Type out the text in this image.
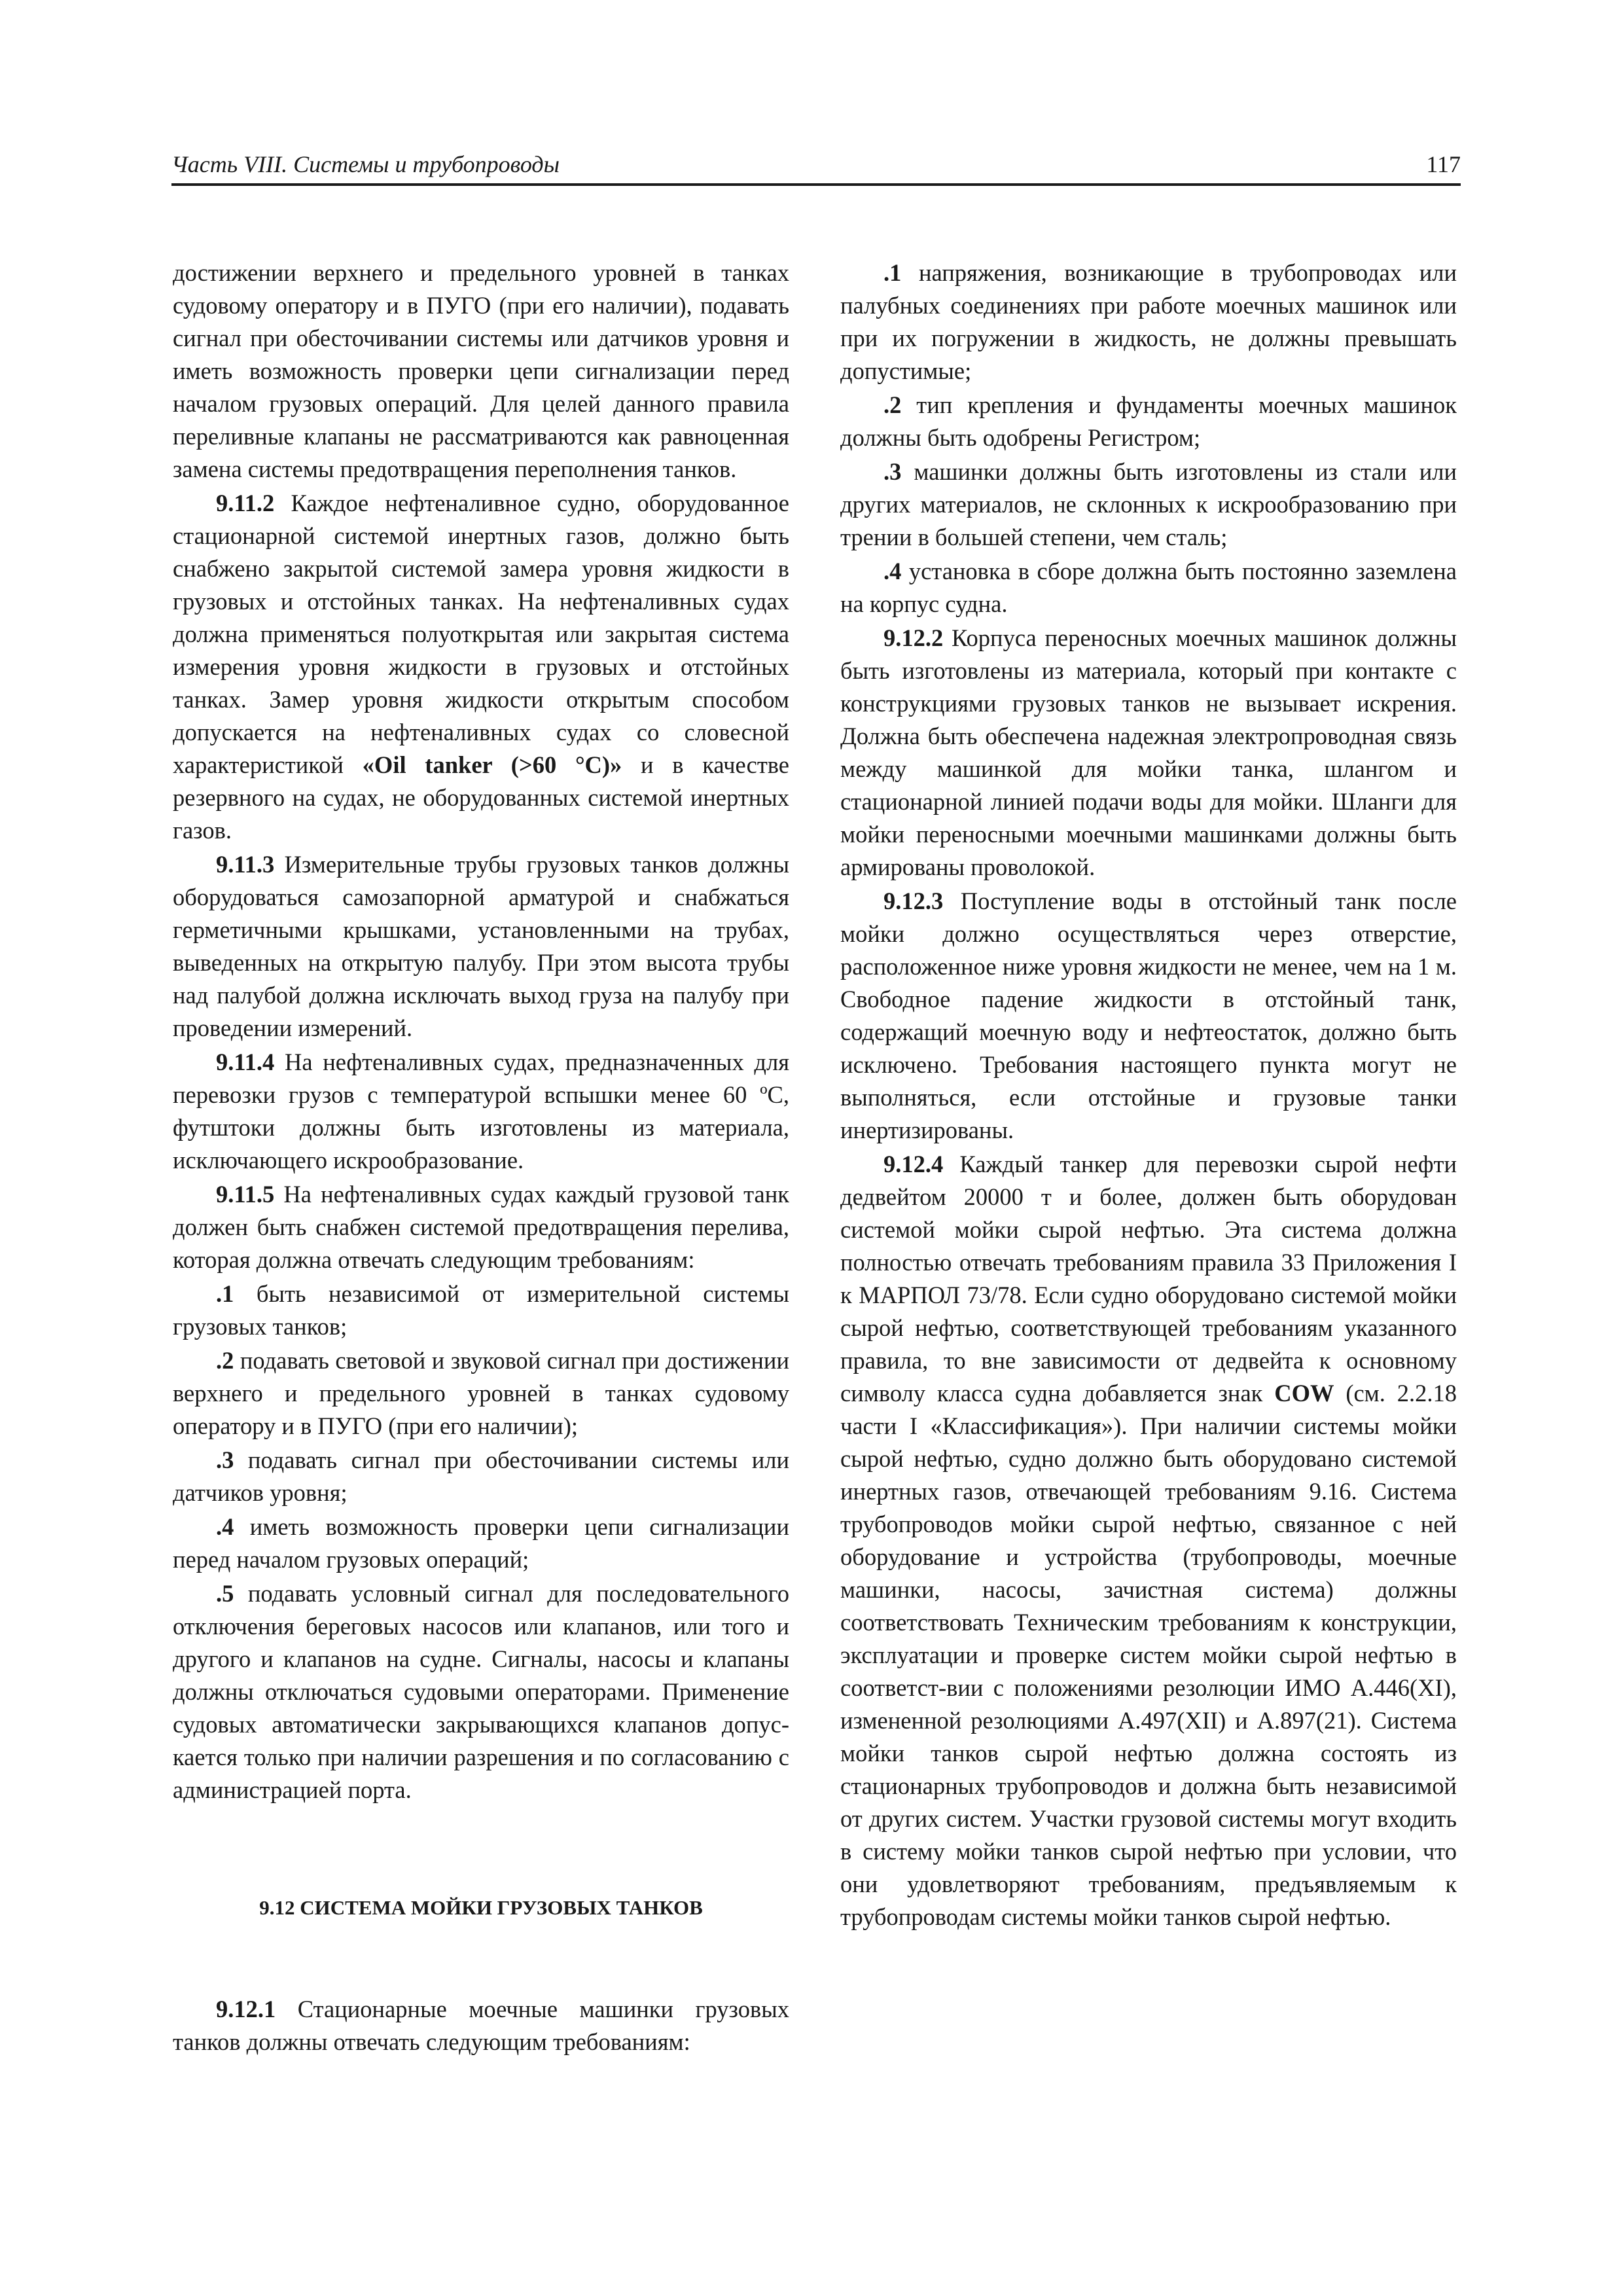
Часть VIII. Системы и трубопроводы	117

достижении верхнего и предельного уровней в танках судовому оператору и в ПУГО (при его наличии), подавать сигнал при обесточивании системы или датчиков уровня и иметь возможность проверки цепи сигнализации перед началом грузовых операций. Для целей данного правила переливные клапаны не рассматриваются как равноценная замена системы предотвращения переполнения танков.

9.11.2 Каждое нефтеналивное судно, оборудованное стационарной системой инертных газов, должно быть снабжено закрытой системой замера уровня жидкости в грузовых и отстойных танках. На нефтеналивных судах должна применяться полуоткрытая или закрытая система измерения уровня жидкости в грузовых и отстойных танках. Замер уровня жидкости открытым способом допускается на нефтеналивных судах со словесной характеристикой «Oil tanker (>60 °C)» и в качестве резервного на судах, не оборудованных системой инертных газов.

9.11.3 Измерительные трубы грузовых танков должны оборудоваться самозапорной арматурой и снабжаться герметичными крышками, установленными на трубах, выведенных на открытую палубу. При этом высота трубы над палубой должна исключать выход груза на палубу при проведении измерений.

9.11.4 На нефтеналивных судах, предназначенных для перевозки грузов с температурой вспышки менее 60 ºС, футштоки должны быть изготовлены из материала, исключающего искрообразование.

9.11.5 На нефтеналивных судах каждый грузовой танк должен быть снабжен системой предотвращения перелива, которая должна отвечать следующим требованиям:

.1 быть независимой от измерительной системы грузовых танков;

.2 подавать световой и звуковой сигнал при достижении верхнего и предельного уровней в танках судовому оператору и в ПУГО (при его наличии);

.3 подавать сигнал при обесточивании системы или датчиков уровня;

.4 иметь возможность проверки цепи сигнализации перед началом грузовых операций;

.5 подавать условный сигнал для последовательного отключения береговых насосов или клапанов, или того и другого и клапанов на судне. Сигналы, насосы и клапаны должны отключаться судовыми операторами. Применение судовых автоматически закрывающихся клапанов допус-кается только при наличии разрешения и по согласованию с администрацией порта.

9.12 СИСТЕМА МОЙКИ ГРУЗОВЫХ ТАНКОВ

9.12.1 Стационарные моечные машинки грузовых танков должны отвечать следующим требованиям:

.1 напряжения, возникающие в трубопроводах или палубных соединениях при работе моечных машинок или при их погружении в жидкость, не должны превышать допустимые;

.2 тип крепления и фундаменты моечных машинок должны быть одобрены Регистром;

.3 машинки должны быть изготовлены из стали или других материалов, не склонных к искрообразованию при трении в большей степени, чем сталь;

.4 установка в сборе должна быть постоянно заземлена на корпус судна.

9.12.2 Корпуса переносных моечных машинок должны быть изготовлены из материала, который при контакте с конструкциями грузовых танков не вызывает искрения. Должна быть обеспечена надежная электропроводная связь между машинкой для мойки танка, шлангом и стационарной линией подачи воды для мойки. Шланги для мойки переносными моечными машинками должны быть армированы проволокой.

9.12.3 Поступление воды в отстойный танк после мойки должно осуществляться через отверстие, расположенное ниже уровня жидкости не менее, чем на 1 м. Свободное падение жидкости в отстойный танк, содержащий моечную воду и нефтеостаток, должно быть исключено. Требования настоящего пункта могут не выполняться, если отстойные и грузовые танки инертизированы.

9.12.4 Каждый танкер для перевозки сырой нефти дедвейтом 20000 т и более, должен быть оборудован системой мойки сырой нефтью. Эта система должна полностью отвечать требованиям правила 33 Приложения I к МАРПОЛ 73/78. Если судно оборудовано системой мойки сырой нефтью, соответствующей требованиям указанного правила, то вне зависимости от дедвейта к основному символу класса судна добавляется знак COW (см. 2.2.18 части I «Классификация»). При наличии системы мойки сырой нефтью, судно должно быть оборудовано системой инертных газов, отвечающей требованиям 9.16. Система трубопроводов мойки сырой нефтью, связанное с ней оборудование и устройства (трубопроводы, моечные машинки, насосы, зачистная система) должны соответствовать Техническим требованиям к конструкции, эксплуатации и проверке систем мойки сырой нефтью в соответст-вии с положениями резолюции ИМО А.446(XI), измененной резолюциями А.497(XII) и А.897(21). Система мойки танков сырой нефтью должна состоять из стационарных трубопроводов и должна быть независимой от других систем. Участки грузовой системы могут входить в систему мойки танков сырой нефтью при условии, что они удовлетворяют требованиям, предъявляемым к трубопроводам системы мойки танков сырой нефтью.
